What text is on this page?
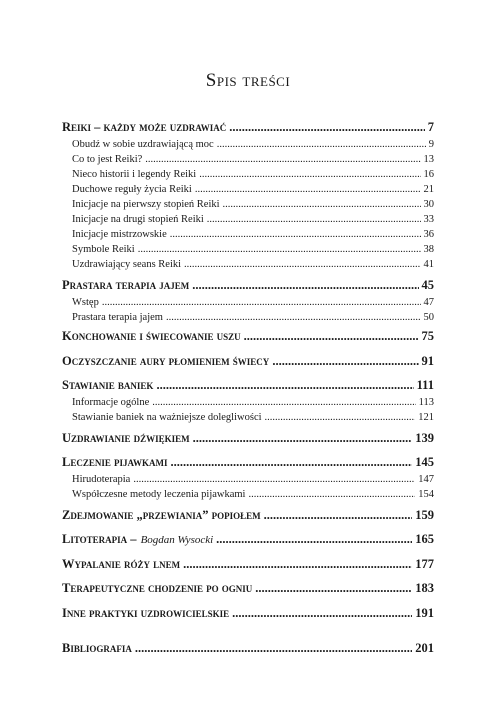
Spis treści
Reiki – każdy może uzdrawiać .....	7
Obudź w sobie uzdrawiającą moc .....	9
Co to jest Reiki? .....	13
Nieco historii i legendy Reiki .....	16
Duchowe reguły życia Reiki .....	21
Inicjacje na pierwszy stopień Reiki .....	30
Inicjacje na drugi stopień Reiki .....	33
Inicjacje mistrzowskie .....	36
Symbole Reiki .....	38
Uzdrawiający seans Reiki .....	41
Prastara terapia jajem .....	45
Wstęp .....	47
Prastara terapia jajem .....	50
Konchowanie i świecowanie uszu .....	75
Oczyszczanie aury płomieniem świecy .....	91
Stawianie baniek .....	111
Informacje ogólne .....	113
Stawianie baniek na ważniejsze dolegliwości .....	121
Uzdrawianie dźwiękiem .....	139
Leczenie pijawkami .....	145
Hirudoterapia .....	147
Współczesne metody leczenia pijawkami .....	154
Zdejmowanie „przewiania” popiołem .....	159
Litoterapia – Bogdan Wysocki .....	165
Wypalanie róży lnem .....	177
Terapeutyczne chodzenie po ogniu .....	183
Inne praktyki uzdrowicielskie .....	191
Bibliografia .....	201
